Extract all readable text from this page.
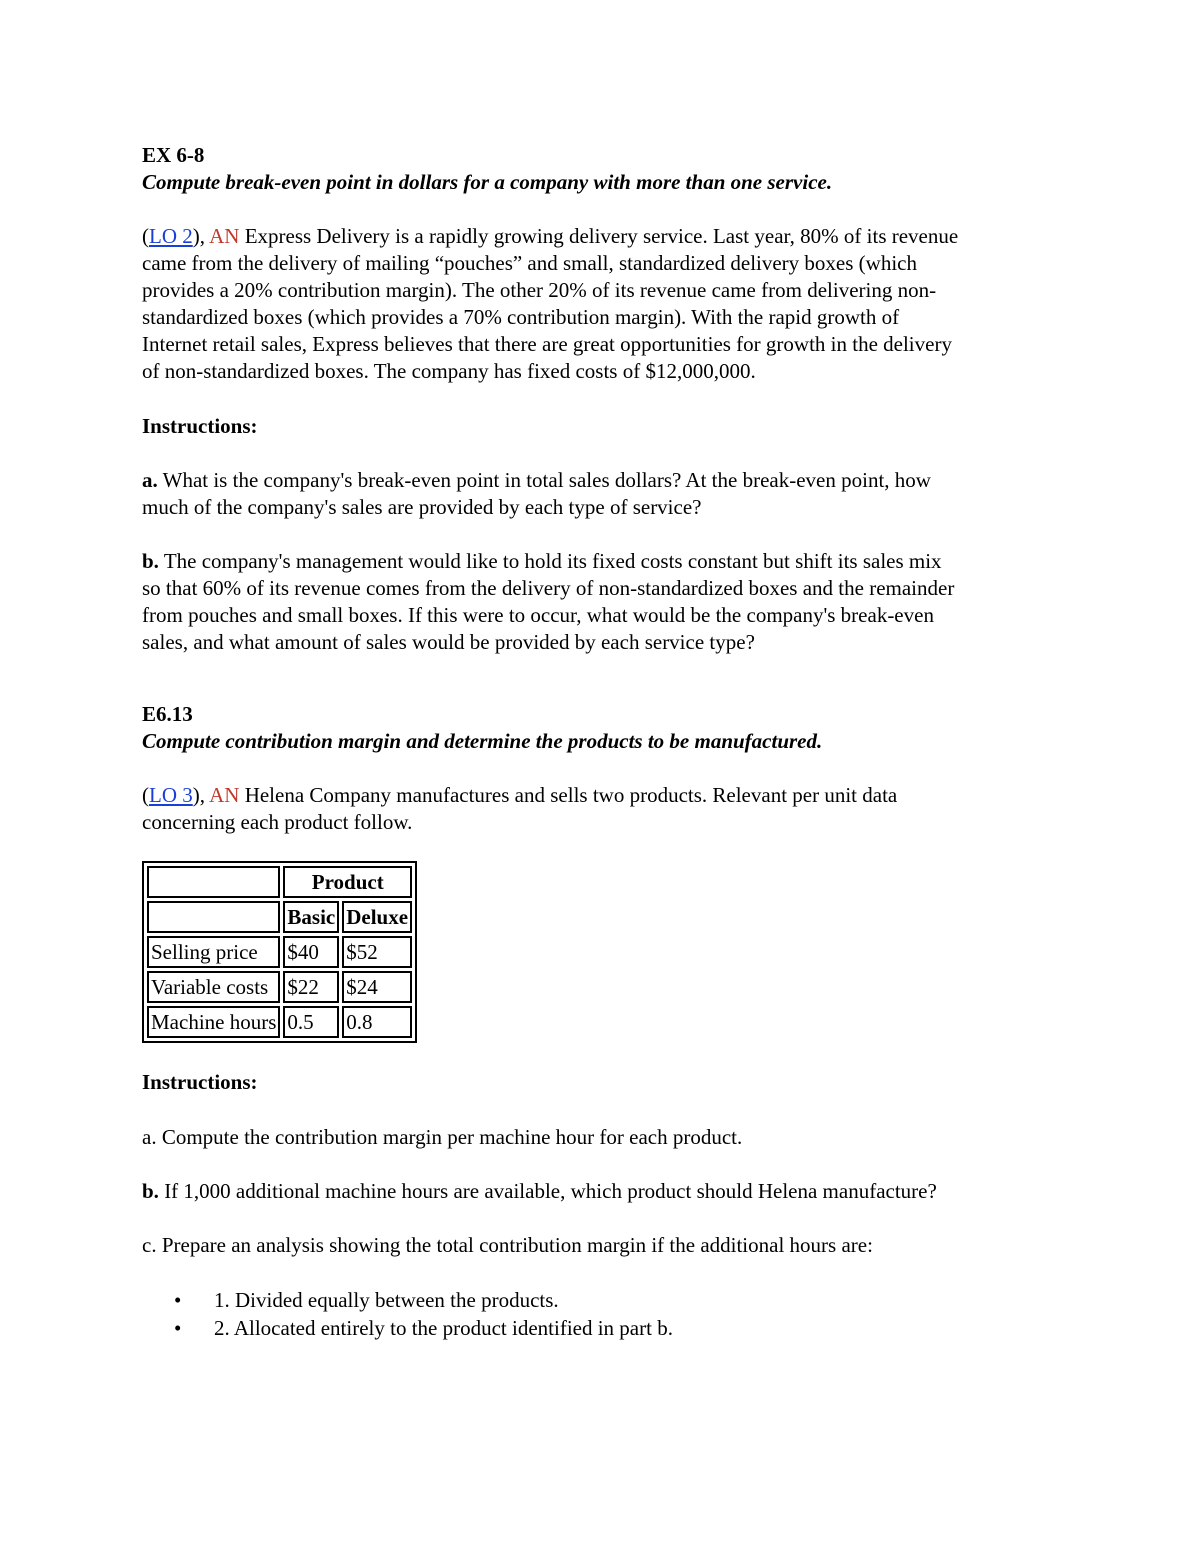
EX 6-8
Compute break-even point in dollars for a company with more than one service.
(LO 2), AN Express Delivery is a rapidly growing delivery service. Last year, 80% of its revenue
came from the delivery of mailing “pouches” and small, standardized delivery boxes (which
provides a 20% contribution margin). The other 20% of its revenue came from delivering non-
standardized boxes (which provides a 70% contribution margin). With the rapid growth of
Internet retail sales, Express believes that there are great opportunities for growth in the delivery
of non-standardized boxes. The company has fixed costs of $12,000,000.
Instructions:
a. What is the company's break-even point in total sales dollars? At the break-even point, how
much of the company's sales are provided by each type of service?
b. The company's management would like to hold its fixed costs constant but shift its sales mix
so that 60% of its revenue comes from the delivery of non-standardized boxes and the remainder
from pouches and small boxes. If this were to occur, what would be the company's break-even
sales, and what amount of sales would be provided by each service type?
E6.13
Compute contribution margin and determine the products to be manufactured.
(LO 3), AN Helena Company manufactures and sells two products. Relevant per unit data
concerning each product follow.
	Product	
	Basic	Deluxe
Selling price	$40	$52
Variable costs	$22	$24
Machine hours	0.5	0.8
Instructions:
a. Compute the contribution margin per machine hour for each product.
b. If 1,000 additional machine hours are available, which product should Helena manufacture?
c. Prepare an analysis showing the total contribution margin if the additional hours are:
• 1. Divided equally between the products.
• 2. Allocated entirely to the product identified in part b.
